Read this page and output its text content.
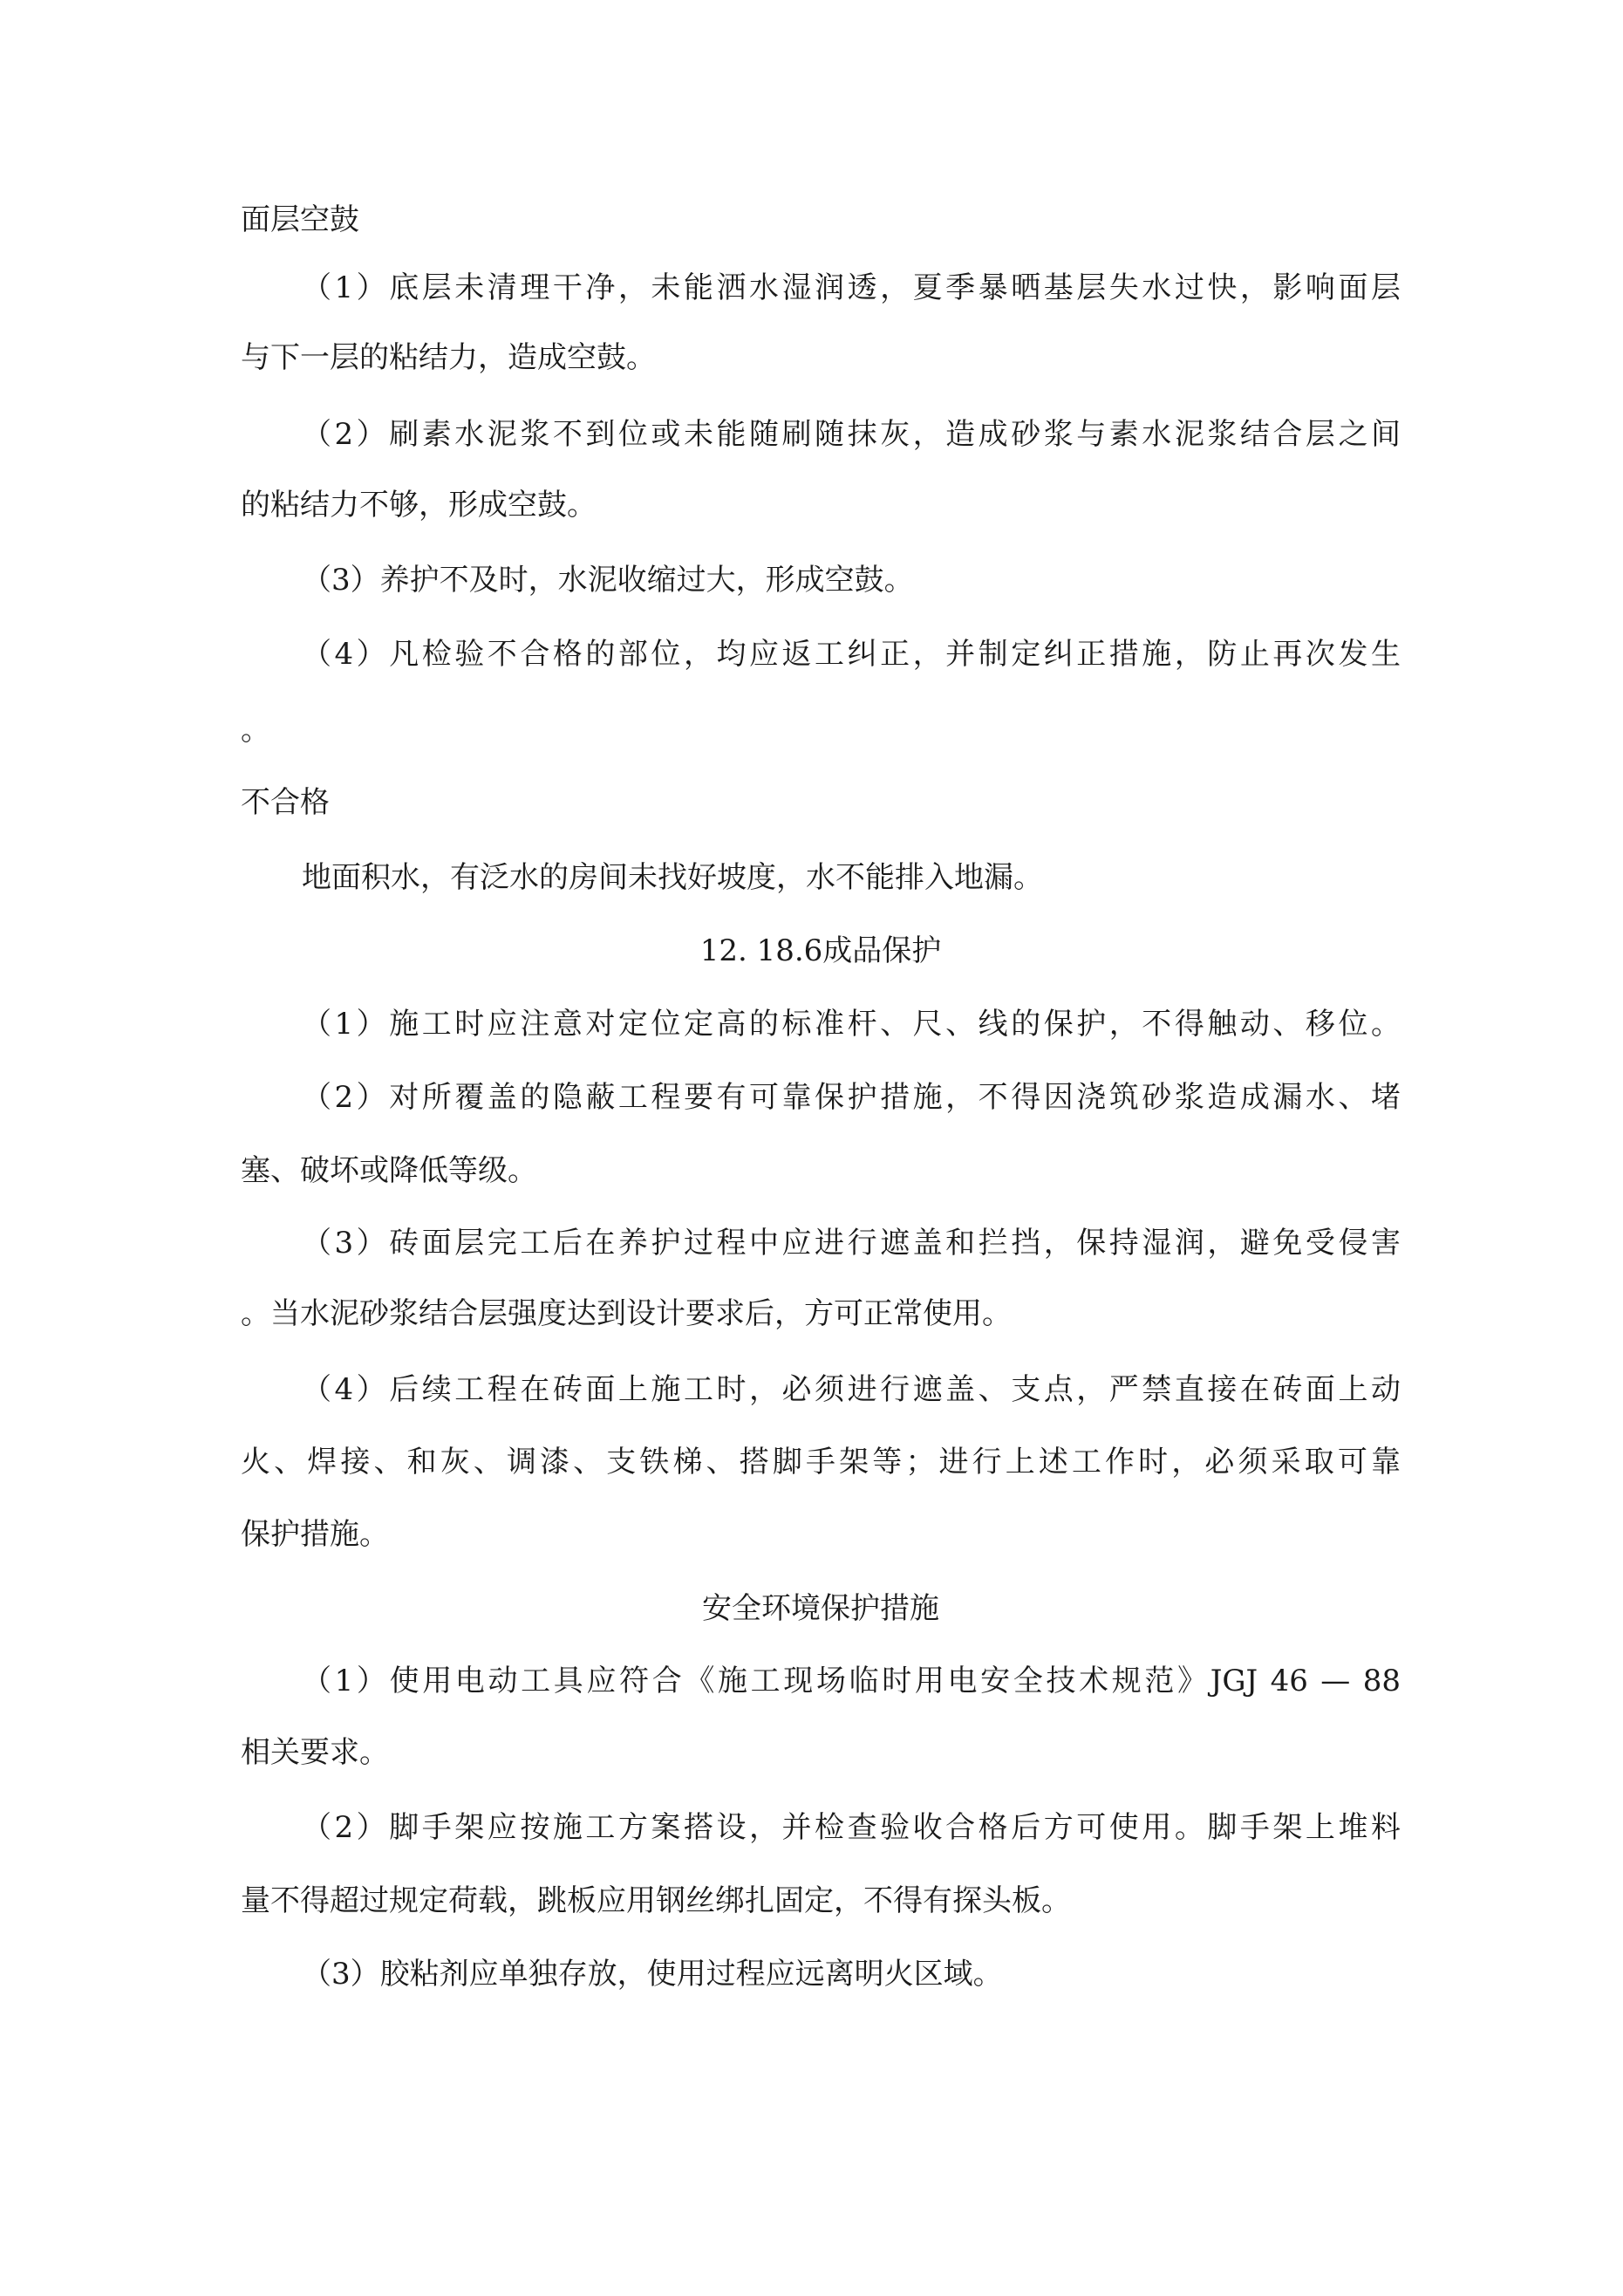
面层空鼓
（1）底层未清理干净，未能洒水湿润透，夏季暴晒基层失水过快，影响面层
与下一层的粘结力，造成空鼓。
（2）刷素水泥浆不到位或未能随刷随抹灰，造成砂浆与素水泥浆结合层之间
的粘结力不够，形成空鼓。
（3）养护不及时，水泥收缩过大，形成空鼓。
（4）凡检验不合格的部位，均应返工纠正，并制定纠正措施，防止再次发生
。
不合格
地面积水，有泛水的房间未找好坡度，水不能排入地漏。
12. 18.6成品保护
（1）施工时应注意对定位定高的标准杆、尺、线的保护，不得触动、移位。
（2）对所覆盖的隐蔽工程要有可靠保护措施，不得因浇筑砂浆造成漏水、堵
塞、破坏或降低等级。
（3）砖面层完工后在养护过程中应进行遮盖和拦挡，保持湿润，避免受侵害
。当水泥砂浆结合层强度达到设计要求后，方可正常使用。
（4）后续工程在砖面上施工时，必须进行遮盖、支点，严禁直接在砖面上动
火、焊接、和灰、调漆、支铁梯、搭脚手架等；进行上述工作时，必须采取可靠
保护措施。
安全环境保护措施
（1）使用电动工具应符合《施工现场临时用电安全技术规范》JGJ 46 — 88
相关要求。
（2）脚手架应按施工方案搭设，并检查验收合格后方可使用。脚手架上堆料
量不得超过规定荷载，跳板应用钢丝绑扎固定，不得有探头板。
（3）胶粘剂应单独存放，使用过程应远离明火区域。
